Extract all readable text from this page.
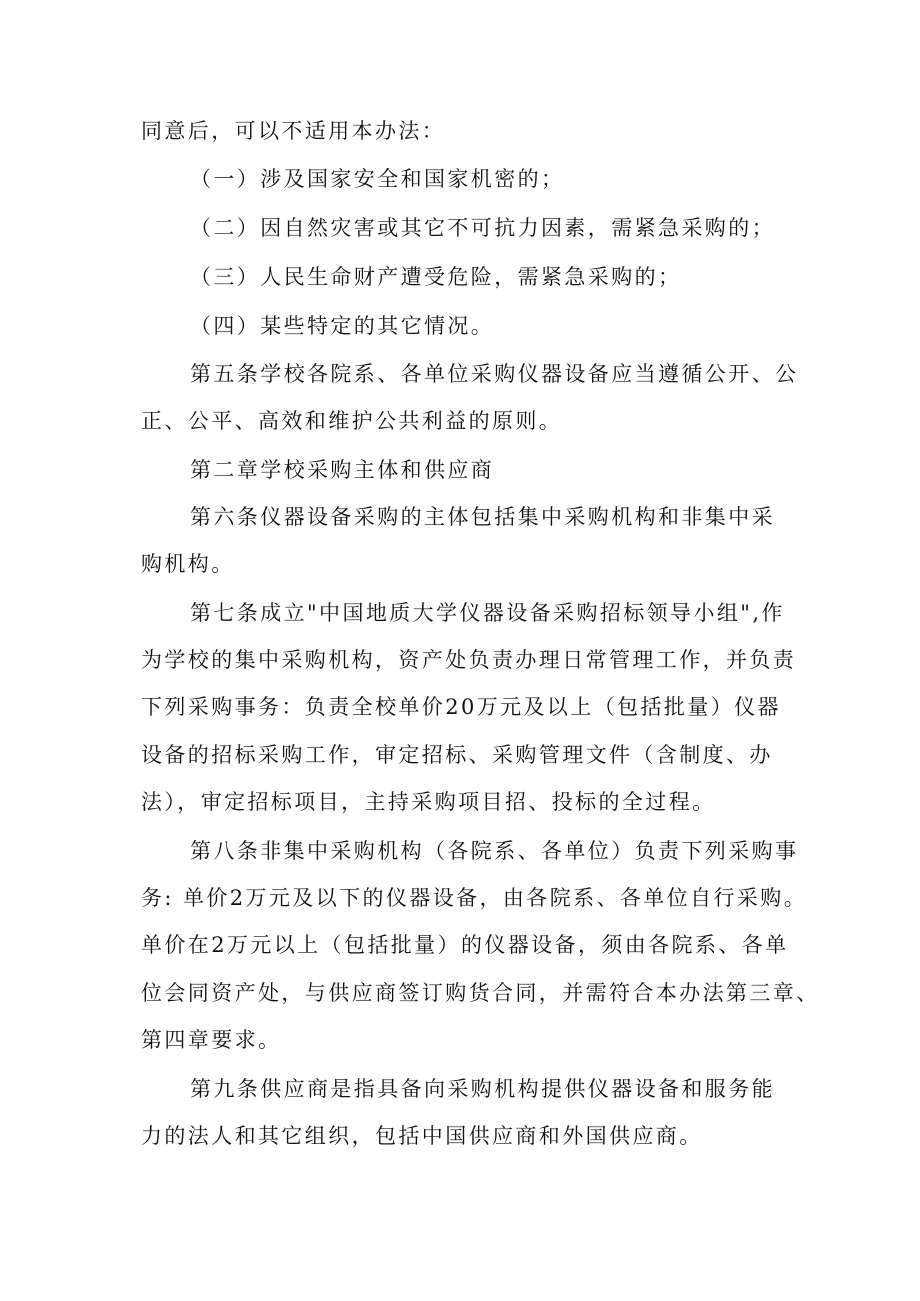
同意后，可以不适用本办法：
（一）涉及国家安全和国家机密的；
（二）因自然灾害或其它不可抗力因素，需紧急采购的；
（三）人民生命财产遭受危险，需紧急采购的；
（四）某些特定的其它情况。
第五条学校各院系、各单位采购仪器设备应当遵循公开、公
正、公平、高效和维护公共利益的原则。
第二章学校采购主体和供应商
第六条仪器设备采购的主体包括集中采购机构和非集中采
购机构。
第七条成立"中国地质大学仪器设备采购招标领导小组",作
为学校的集中采购机构，资产处负责办理日常管理工作，并负责
下列采购事务：负责全校单价20万元及以上（包括批量）仪器
设备的招标采购工作，审定招标、采购管理文件（含制度、办
法），审定招标项目，主持采购项目招、投标的全过程。
第八条非集中采购机构（各院系、各单位）负责下列采购事
务: 单价2万元及以下的仪器设备，由各院系、各单位自行采购。
单价在2万元以上（包括批量）的仪器设备，须由各院系、各单
位会同资产处，与供应商签订购货合同，并需符合本办法第三章、
第四章要求。
第九条供应商是指具备向采购机构提供仪器设备和服务能
力的法人和其它组织，包括中国供应商和外国供应商。
